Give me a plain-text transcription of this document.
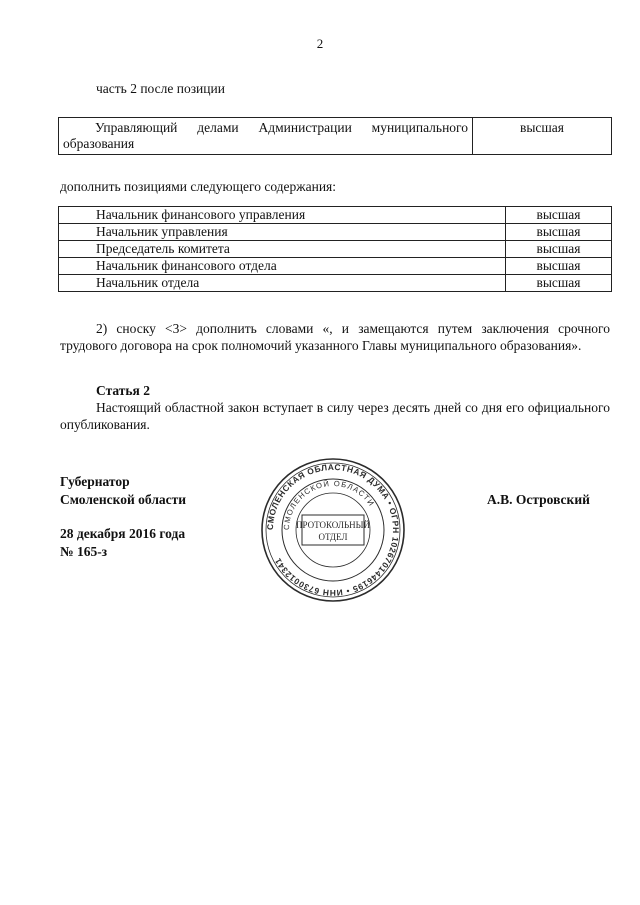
2
часть 2 после позиции
Управляющий делами Администрации муниципального образования	высшая
дополнить позициями следующего содержания:
Начальник финансового управления	высшая
Начальник управления	высшая
Председатель комитета	высшая
Начальник финансового отдела	высшая
Начальник отдела	высшая
2) сноску <3> дополнить словами «, и замещаются путем заключения срочного трудового договора на срок полномочий указанного Главы муниципального образования».
Статья 2
Настоящий областной закон вступает в силу через десять дней со дня его официального опубликования.
Губернатор
Смоленской области	А.В. Островский
28 декабря 2016 года
№ 165-з
СМОЛЕНСКАЯ ОБЛАСТНАЯ ДУМА • ОГРН 1026701446195 • ИНН 6730012341
СМОЛЕНСКОЙ ОБЛАСТИ
ПРОТОКОЛЬНЫЙ
ОТДЕЛ
